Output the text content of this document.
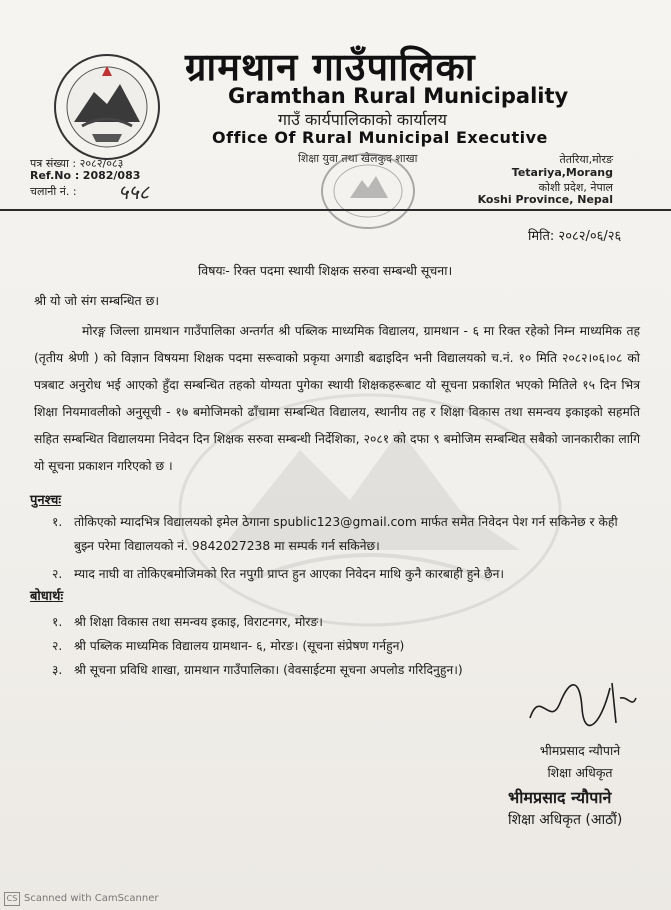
ग्रामथान गाउँपालिका
Gramthan Rural Municipality
गाउँ कार्यपालिकाको कार्यालय
Office Of Rural Municipal Executive
शिक्षा युवा तथा खेलकुद शाखा
पत्र संख्या : २०८२/०८३
Ref.No : 2082/083
चलानी नं. : ५५८
तेतरिया,मोरङ
Tetariya,Morang
कोशी प्रदेश, नेपाल
Koshi Province, Nepal
मिति: २०८२/०६/२६
विषयः- रिक्त पदमा स्थायी शिक्षक सरुवा सम्बन्धी सूचना।
श्री यो जो संग सम्बन्धित छ।
मोरङ्ग जिल्ला ग्रामथान गाउँपालिका अन्तर्गत श्री पब्लिक माध्यमिक विद्यालय, ग्रामथान - ६ मा रिक्त रहेको निम्न माध्यमिक तह (तृतीय श्रेणी ) को विज्ञान विषयमा शिक्षक पदमा सरूवाको प्रकृया अगाडी बढाइदिन भनी विद्यालयको च.नं. १० मिति २०८२।०६।०८ को पत्रबाट अनुरोध भई आएको हुँदा सम्बन्धित तहको योग्यता पुगेका स्थायी शिक्षकहरूबाट यो सूचना प्रकाशित भएको मितिले १५ दिन भित्र शिक्षा नियमावलीको अनुसूची - १७ बमोजिमको ढाँचामा सम्बन्धित विद्यालय, स्थानीय तह र शिक्षा विकास तथा समन्वय इकाइको सहमति सहित सम्बन्धित विद्यालयमा निवेदन दिन शिक्षक सरुवा सम्बन्धी निर्देशिका, २०८१ को दफा ९ बमोजिम सम्बन्धित सबैको जानकारीका लागि यो सूचना प्रकाशन गरिएको छ ।
पुनश्चः
१. तोकिएको म्यादभित्र विद्यालयको इमेल ठेगाना spublic123@gmail.com मार्फत समेत निवेदन पेश गर्न सकिनेछ र केही बुझ्न परेमा विद्यालयको नं. 9842027238 मा सम्पर्क गर्न सकिनेछ।
२. म्याद नाघी वा तोकिएबमोजिमको रित नपुगी प्राप्त हुन आएका निवेदन माथि कुनै कारबाही हुने छैन।
बोधार्थः
१. श्री शिक्षा विकास तथा समन्वय इकाइ, विराटनगर, मोरङ।
२. श्री पब्लिक माध्यमिक विद्यालय ग्रामथान- ६, मोरङ। (सूचना संप्रेषण गर्नहुन)
३. श्री सूचना प्रविधि शाखा, ग्रामथान गाउँपालिका। (वेवसाईटमा सूचना अपलोड गरिदिनुहुन।)
भीमप्रसाद न्यौपाने
शिक्षा अधिकृत
भीमप्रसाद न्यौपाने
शिक्षा अधिकृत (आठौं)
CS Scanned with CamScanner
